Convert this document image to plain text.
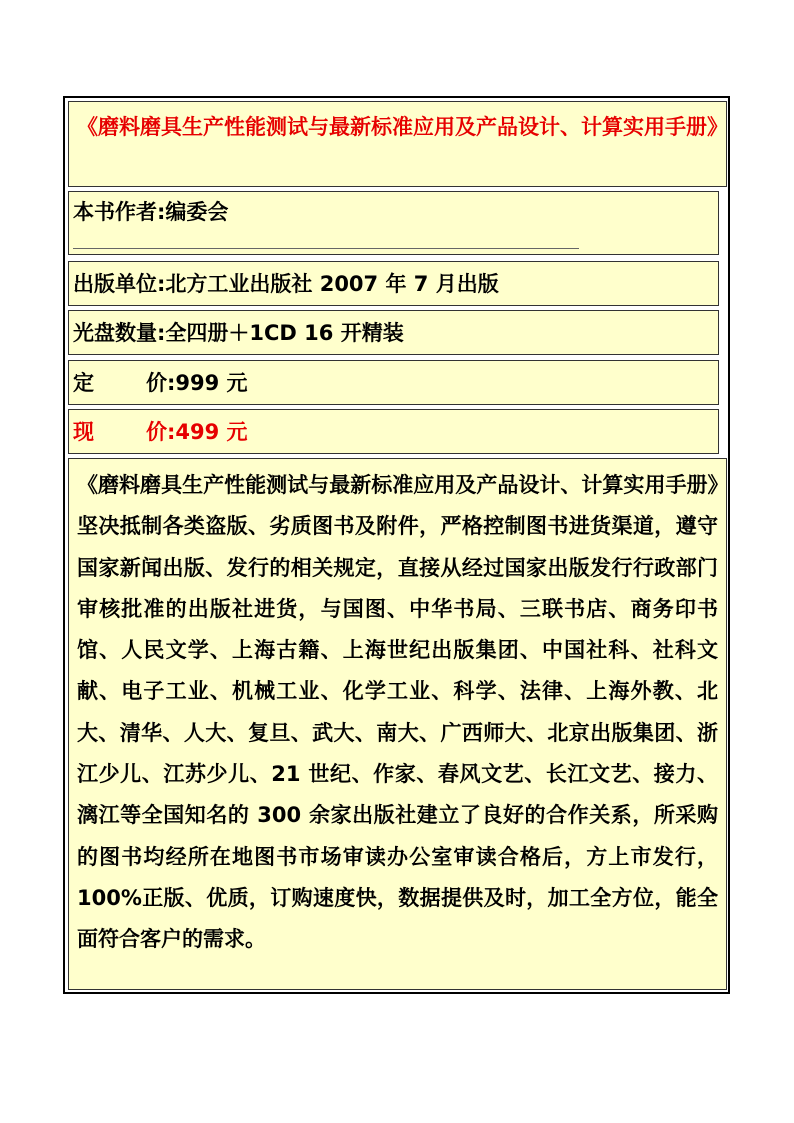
《磨料磨具生产性能测试与最新标准应用及产品设计、计算实用手册》
本书作者:编委会
出版单位:北方工业出版社 2007 年 7 月出版
光盘数量:全四册＋1CD 16 开精装
定 价:999 元
现 价:499 元
《磨料磨具生产性能测试与最新标准应用及产品设计、计算实用手册》坚决抵制各类盗版、劣质图书及附件，严格控制图书进货渠道，遵守国家新闻出版、发行的相关规定，直接从经过国家出版发行行政部门审核批准的出版社进货，与国图、中华书局、三联书店、商务印书馆、人民文学、上海古籍、上海世纪出版集团、中国社科、社科文献、电子工业、机械工业、化学工业、科学、法律、上海外教、北大、清华、人大、复旦、武大、南大、广西师大、北京出版集团、浙江少儿、江苏少儿、21 世纪、作家、春风文艺、长江文艺、接力、漓江等全国知名的 300 余家出版社建立了良好的合作关系，所采购的图书均经所在地图书市场审读办公室审读合格后，方上市发行，100%正版、优质，订购速度快，数据提供及时，加工全方位，能全面符合客户的需求。
